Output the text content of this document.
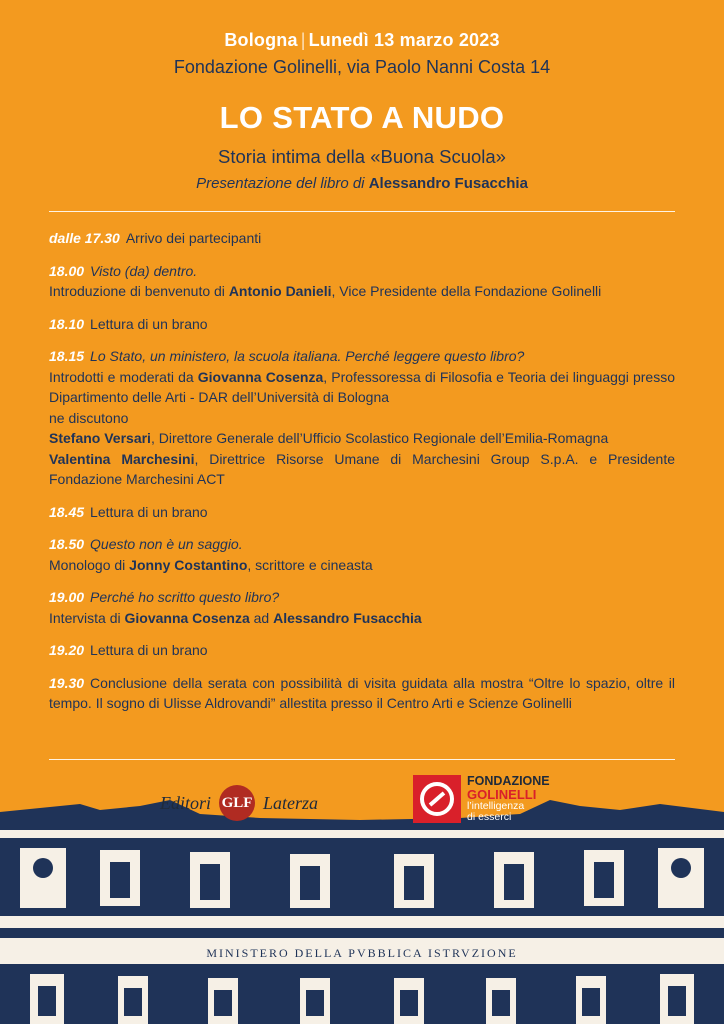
Bologna | Lunedì 13 marzo 2023
Fondazione Golinelli, via Paolo Nanni Costa 14
LO STATO A NUDO
Storia intima della «Buona Scuola»
Presentazione del libro di Alessandro Fusacchia
dalle 17.30 Arrivo dei partecipanti
18.00 Visto (da) dentro.
Introduzione di benvenuto di Antonio Danieli, Vice Presidente della Fondazione Golinelli
18.10 Lettura di un brano
18.15 Lo Stato, un ministero, la scuola italiana. Perché leggere questo libro?
Introdotti e moderati da Giovanna Cosenza, Professoressa di Filosofia e Teoria dei linguaggi presso Dipartimento delle Arti - DAR dell’Università di Bologna
ne discutono
Stefano Versari, Direttore Generale dell’Ufficio Scolastico Regionale dell’Emilia-Romagna
Valentina Marchesini, Direttrice Risorse Umane di Marchesini Group S.p.A. e Presidente Fondazione Marchesini ACT
18.45 Lettura di un brano
18.50 Questo non è un saggio.
Monologo di Jonny Costantino, scrittore e cineasta
19.00 Perché ho scritto questo libro?
Intervista di Giovanna Cosenza ad Alessandro Fusacchia
19.20 Lettura di un brano
19.30 Conclusione della serata con possibilità di visita guidata alla mostra “Oltre lo spazio, oltre il tempo. Il sogno di Ulisse Aldrovandi” allestita presso il Centro Arti e Scienze Golinelli
MINISTERO DELLA PVBBLICA ISTRVZIONE
Editori GLF Laterza
FONDAZIONE
GOLINELLI
l’intelligenza
di esserci
